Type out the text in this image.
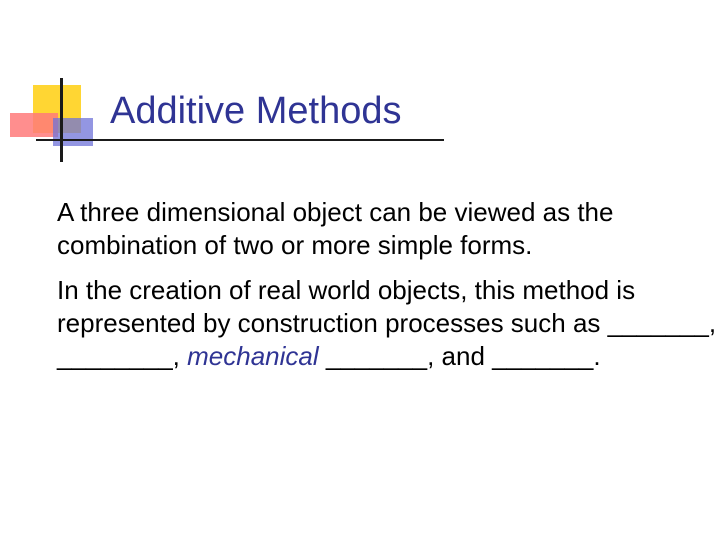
Additive Methods

A three dimensional object can be viewed as the combination of two or more simple forms.

In the creation of real world objects, this method is represented by construction processes such as _______, ________, mechanical _______, and _______.
